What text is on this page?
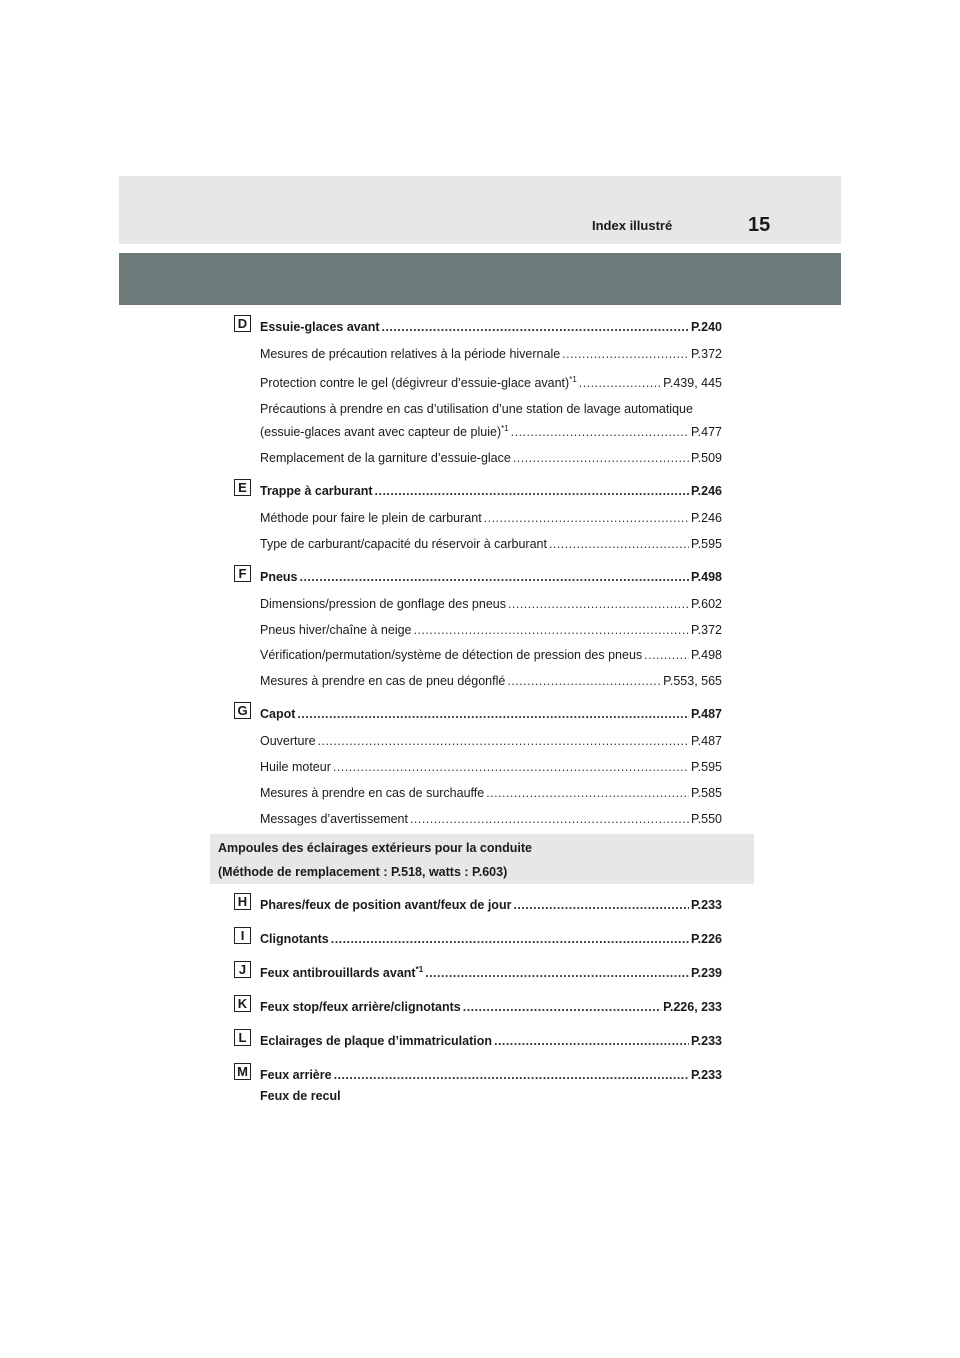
Index illustré	15
D	Essuie-glaces avant . . .	P.240
Mesures de précaution relatives à la période hivernale . . .	P.372
Protection contre le gel (dégivreur d’essuie-glace avant)$^{*1}$ . . .	P.439, 445
Précautions à prendre en cas d’utilisation d’une station de lavage automatique
(essuie-glaces avant avec capteur de pluie)$^{*1}$ . . .	P.477
Remplacement de la garniture d’essuie-glace . . .	P.509
E	Trappe à carburant . . .	P.246
Méthode pour faire le plein de carburant . . .	P.246
Type de carburant/capacité du réservoir à carburant . . .	P.595
F	Pneus . . .	P.498
Dimensions/pression de gonflage des pneus . . .	P.602
Pneus hiver/chaîne à neige . . .	P.372
Vérification/permutation/système de détection de pression des pneus . . .	P.498
Mesures à prendre en cas de pneu dégonflé . . .	P.553, 565
G Capot . . .	P.487
Ouverture . . .	P.487
Huile moteur . . .	P.595
Mesures à prendre en cas de surchauffe . . .	P.585
Messages d’avertissement . . .	P.550
Ampoules des éclairages extérieurs pour la conduite
(Méthode de remplacement : P.518, watts : P.603)
H	Phares/feux de position avant/feux de jour . . .	P.233
I	Clignotants . . .	P.226
J	Feux antibrouillards avant$^{*1}$ . . .	P.239
K	Feux stop/feux arrière/clignotants . . .	P.226, 233
L	Eclairages de plaque d’immatriculation . . .	P.233
M Feux arrière . . .	P.233
Feux de recul
